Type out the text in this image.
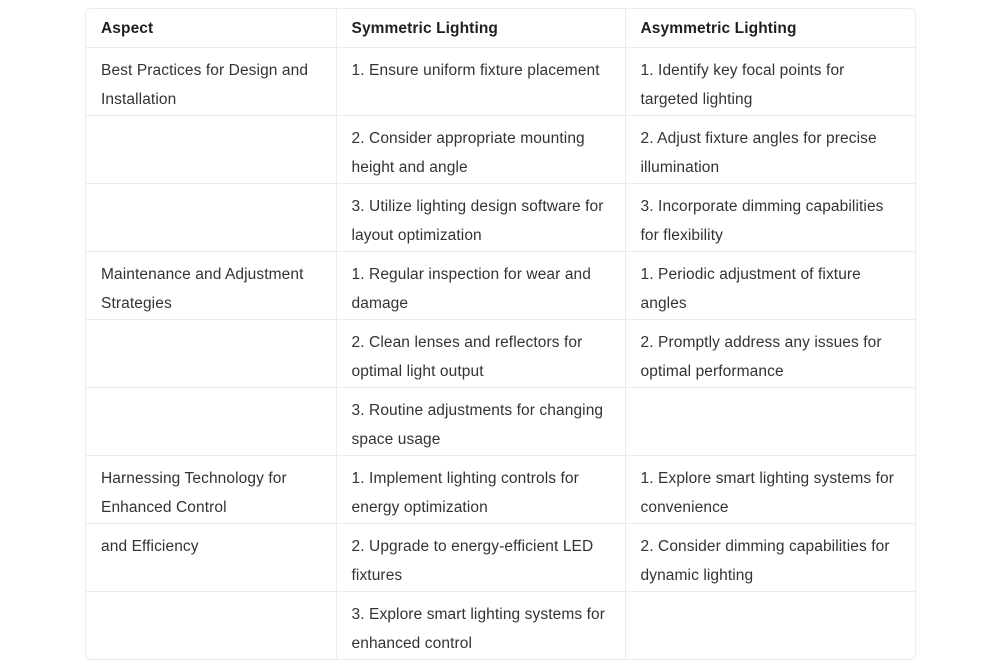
Aspect	Symmetric Lighting	Asymmetric Lighting
Best Practices for Design and Installation	1. Ensure uniform fixture placement	1. Identify key focal points for targeted lighting
	2. Consider appropriate mounting height and angle	2. Adjust fixture angles for precise illumination
	3. Utilize lighting design software for layout optimization	3. Incorporate dimming capabilities for flexibility
Maintenance and Adjustment Strategies	1. Regular inspection for wear and damage	1. Periodic adjustment of fixture angles
	2. Clean lenses and reflectors for optimal light output	2. Promptly address any issues for optimal performance
	3. Routine adjustments for changing space usage	
Harnessing Technology for Enhanced Control	1. Implement lighting controls for energy optimization	1. Explore smart lighting systems for convenience
and Efficiency	2. Upgrade to energy-efficient LED fixtures	2. Consider dimming capabilities for dynamic lighting
	3. Explore smart lighting systems for enhanced control	
